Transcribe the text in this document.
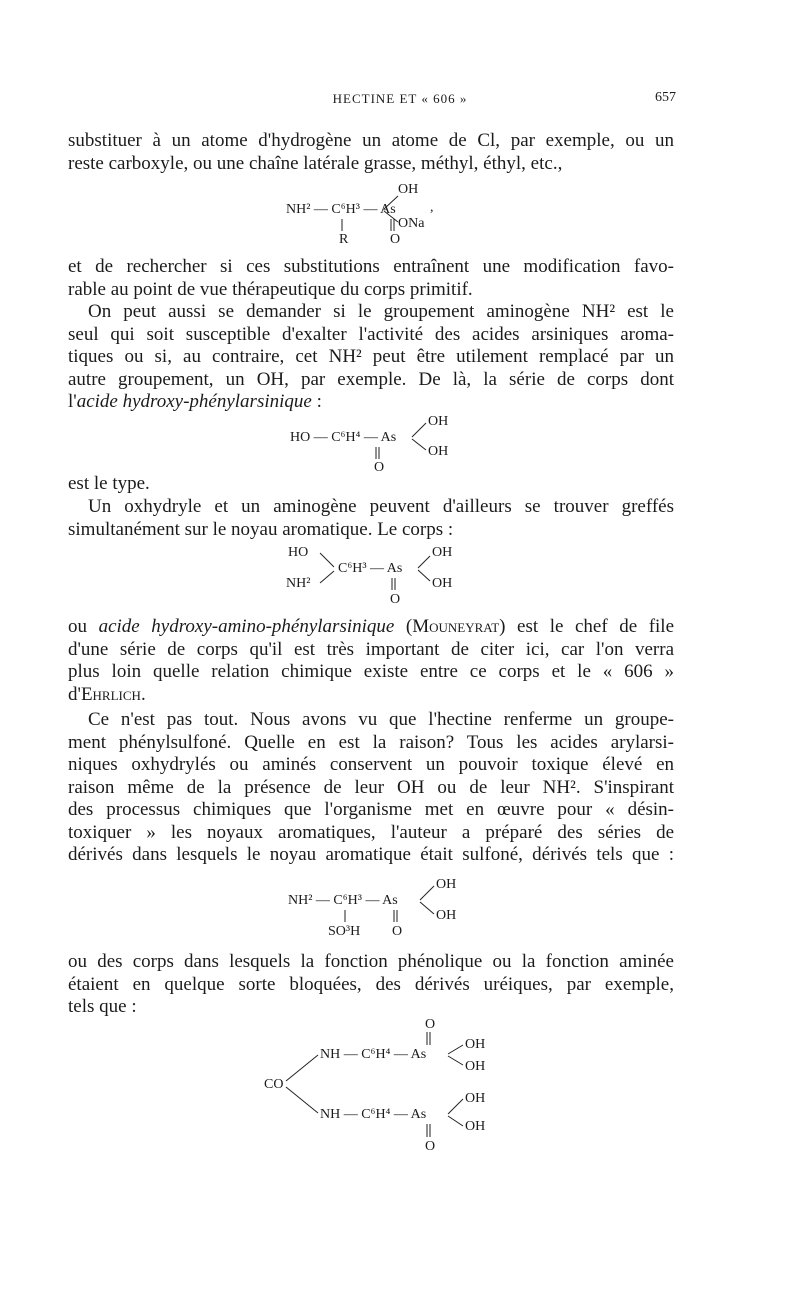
HECTINE ET « 606 »	657
substituer à un atome d'hydrogène un atome de Cl, par exemple, ou un
reste carboxyle, ou une chaîne latérale grasse, méthyl, éthyl, etc.,
OH
NH² — C⁶H³ — As
ONa
,
R	O
et de rechercher si ces substitutions entraînent une modification favo-
rable au point de vue thérapeutique du corps primitif.
On peut aussi se demander si le groupement aminogène NH² est le
seul qui soit susceptible d'exalter l'activité des acides arsiniques aroma-
tiques ou si, au contraire, cet NH² peut être utilement remplacé par un
autre groupement, un OH, par exemple. De là, la série de corps dont
l'acide hydroxy-phénylarsinique :
OH
HO — C⁶H⁴ — As
OH
O
est le type.
Un oxhydryle et un aminogène peuvent d'ailleurs se trouver greffés
simultanément sur le noyau aromatique. Le corps :
HO
NH²
C⁶H³ — As
OH
OH
O
ou acide hydroxy-amino-phénylarsinique (Mouneyrat) est le chef de file
d'une série de corps qu'il est très important de citer ici, car l'on verra
plus loin quelle relation chimique existe entre ce corps et le « 606 »
d'Ehrlich.
Ce n'est pas tout. Nous avons vu que l'hectine renferme un groupe-
ment phénylsulfoné. Quelle en est la raison? Tous les acides arylarsi-
niques oxhydrylés ou aminés conservent un pouvoir toxique élevé en
raison même de la présence de leur OH ou de leur NH². S'inspirant
des processus chimiques que l'organisme met en œuvre pour « désin-
toxiquer » les noyaux aromatiques, l'auteur a préparé des séries de
dérivés dans lesquels le noyau aromatique était sulfoné, dérivés tels que :
OH
NH² — C⁶H³ — As
OH
SO³H O
ou des corps dans lesquels la fonction phénolique ou la fonction aminée
étaient en quelque sorte bloquées, des dérivés uréiques, par exemple,
tels que :
O
OH
NH — C⁶H⁴ — As
OH
CO
OH
NH — C⁶H⁴ — As
OH
O
